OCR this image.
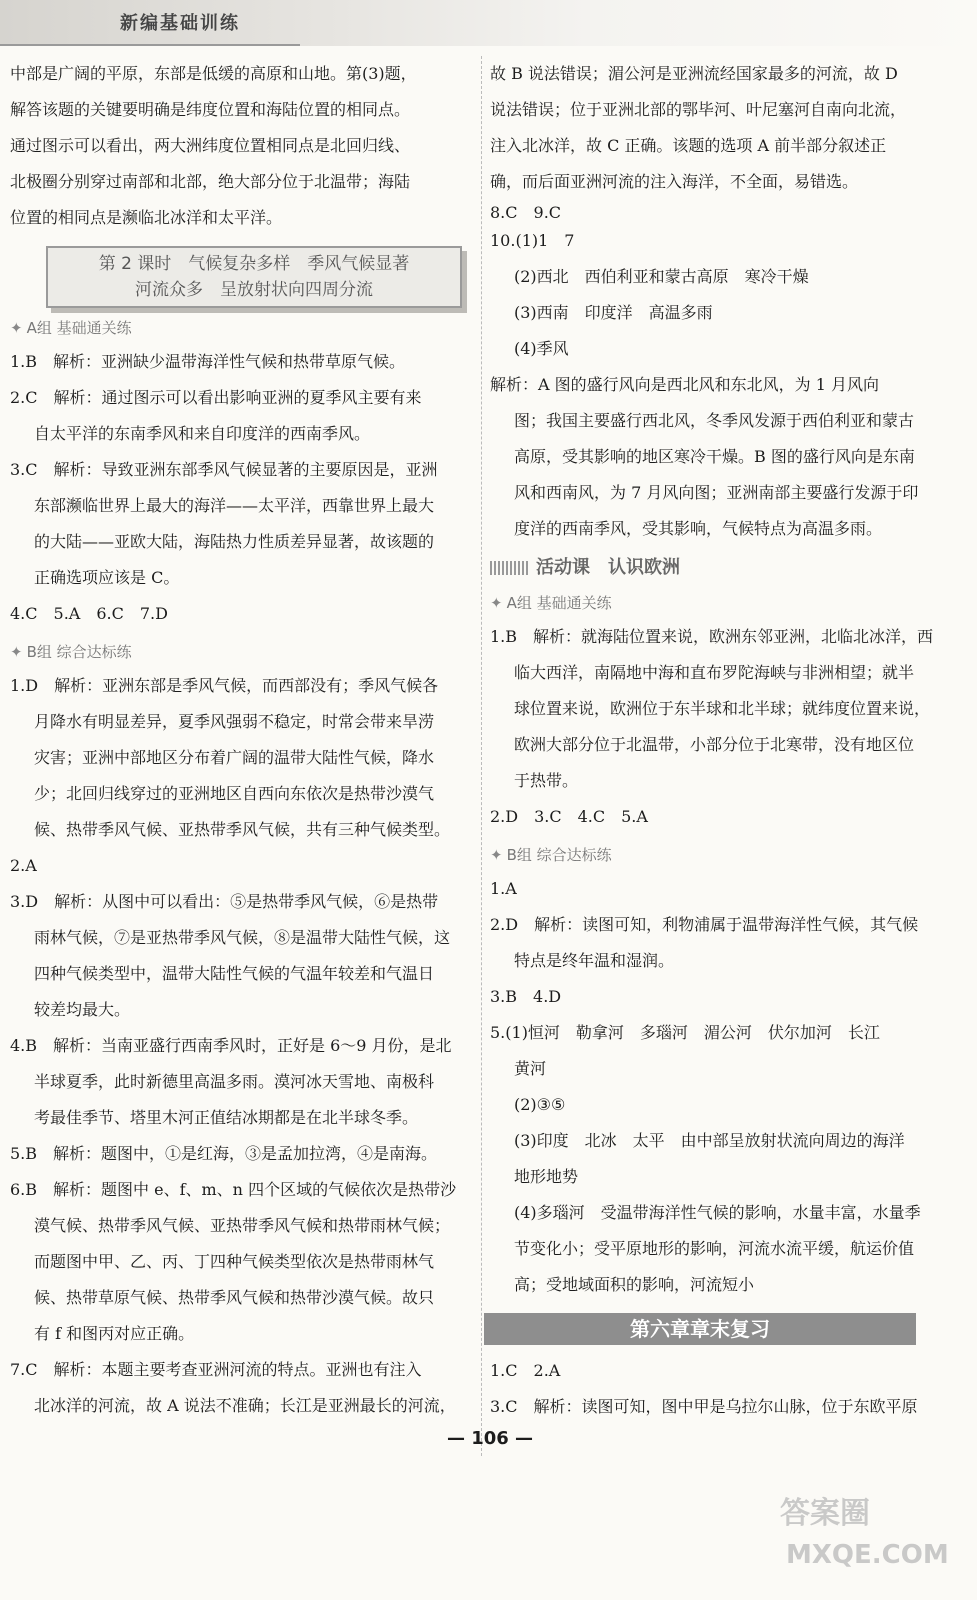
新编基础训练

中部是广阔的平原，东部是低缓的高原和山地。第(3)题，

解答该题的关键要明确是纬度位置和海陆位置的相同点。

通过图示可以看出，两大洲纬度位置相同点是北回归线、

北极圈分别穿过南部和北部，绝大部分位于北温带；海陆

位置的相同点是濒临北冰洋和太平洋。

第 2 课时　气候复杂多样　季风气候显著
河流众多　呈放射状向四周分流
✦ A组 基础通关练

1.B　解析：亚洲缺少温带海洋性气候和热带草原气候。

2.C　解析：通过图示可以看出影响亚洲的夏季风主要有来

自太平洋的东南季风和来自印度洋的西南季风。

3.C　解析：导致亚洲东部季风气候显著的主要原因是，亚洲

东部濒临世界上最大的海洋——太平洋，西靠世界上最大

的大陆——亚欧大陆，海陆热力性质差异显著，故该题的

正确选项应该是 C。

4.C　5.A　6.C　7.D

✦ B组 综合达标练

1.D　解析：亚洲东部是季风气候，而西部没有；季风气候各

月降水有明显差异，夏季风强弱不稳定，时常会带来旱涝

灾害；亚洲中部地区分布着广阔的温带大陆性气候，降水

少；北回归线穿过的亚洲地区自西向东依次是热带沙漠气

候、热带季风气候、亚热带季风气候，共有三种气候类型。

2.A

3.D　解析：从图中可以看出：⑤是热带季风气候，⑥是热带

雨林气候，⑦是亚热带季风气候，⑧是温带大陆性气候，这

四种气候类型中，温带大陆性气候的气温年较差和气温日

较差均最大。

4.B　解析：当南亚盛行西南季风时，正好是 6～9 月份，是北

半球夏季，此时新德里高温多雨。漠河冰天雪地、南极科

考最佳季节、塔里木河正值结冰期都是在北半球冬季。

5.B　解析：题图中，①是红海，③是孟加拉湾，④是南海。

6.B　解析：题图中 e、f、m、n 四个区域的气候依次是热带沙

漠气候、热带季风气候、亚热带季风气候和热带雨林气候；

而题图中甲、乙、丙、丁四种气候类型依次是热带雨林气

候、热带草原气候、热带季风气候和热带沙漠气候。故只

有 f 和图丙对应正确。

7.C　解析：本题主要考查亚洲河流的特点。亚洲也有注入

北冰洋的河流，故 A 说法不准确；长江是亚洲最长的河流，

故 B 说法错误；湄公河是亚洲流经国家最多的河流，故 D

说法错误；位于亚洲北部的鄂毕河、叶尼塞河自南向北流，

注入北冰洋，故 C 正确。该题的选项 A 前半部分叙述正

确，而后面亚洲河流的注入海洋，不全面，易错选。

8.C　9.C

10.(1)1　7

(2)西北　西伯利亚和蒙古高原　寒冷干燥

(3)西南　印度洋　高温多雨

(4)季风

解析：A 图的盛行风向是西北风和东北风，为 1 月风向

图；我国主要盛行西北风，冬季风发源于西伯利亚和蒙古

高原，受其影响的地区寒冷干燥。B 图的盛行风向是东南

风和西南风，为 7 月风向图；亚洲南部主要盛行发源于印

度洋的西南季风，受其影响，气候特点为高温多雨。

活动课　认识欧洲
✦ A组 基础通关练

1.B　解析：就海陆位置来说，欧洲东邻亚洲，北临北冰洋，西

临大西洋，南隔地中海和直布罗陀海峡与非洲相望；就半

球位置来说，欧洲位于东半球和北半球；就纬度位置来说，

欧洲大部分位于北温带，小部分位于北寒带，没有地区位

于热带。

2.D　3.C　4.C　5.A

✦ B组 综合达标练

1.A

2.D　解析：读图可知，利物浦属于温带海洋性气候，其气候

特点是终年温和湿润。

3.B　4.D

5.(1)恒河　勒拿河　多瑙河　湄公河　伏尔加河　长江

黄河

(2)③⑤

(3)印度　北冰　太平　由中部呈放射状流向周边的海洋

地形地势

(4)多瑙河　受温带海洋性气候的影响，水量丰富，水量季

节变化小；受平原地形的影响，河流水流平缓，航运价值

高；受地域面积的影响，河流短小

第六章章末复习

1.C　2.A

3.C　解析：读图可知，图中甲是乌拉尔山脉，位于东欧平原

— 106 —
答案圈
MXQE.COM
